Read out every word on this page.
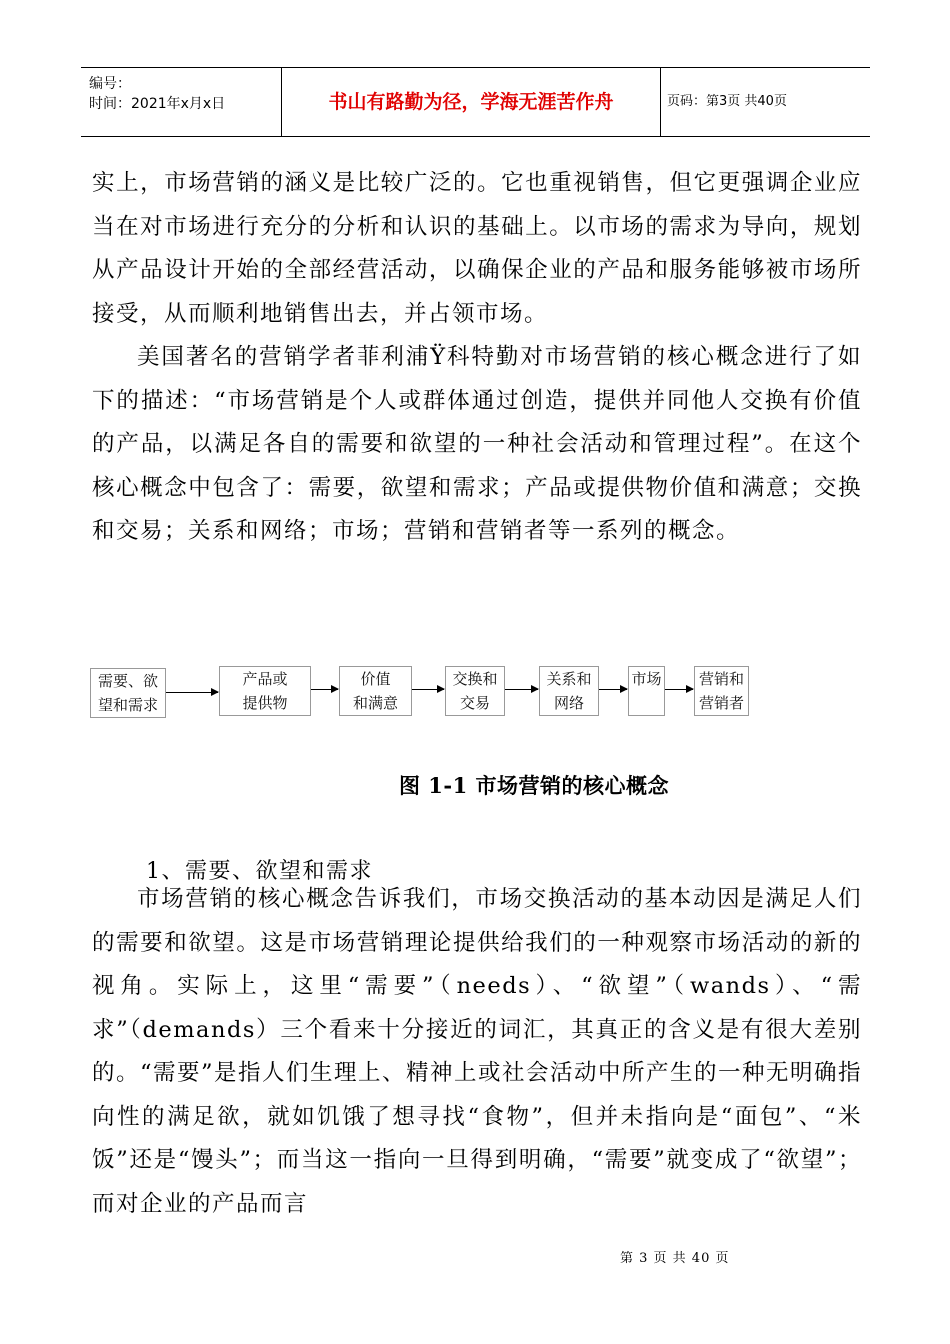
编号：
时间：2021年x月x日	书山有路勤为径，学海无涯苦作舟	页码：第3页 共40页

实上，市场营销的涵义是比较广泛的。它也重视销售，但它更强调企业应当在对市场进行充分的分析和认识的基础上。以市场的需求为导向，规划从产品设计开始的全部经营活动，以确保企业的产品和服务能够被市场所接受，从而顺利地销售出去，并占领市场。

美国著名的营销学者菲利浦Ÿ科特勤对市场营销的核心概念进行了如下的描述：“市场营销是个人或群体通过创造，提供并同他人交换有价值的产品，以满足各自的需要和欲望的一种社会活动和管理过程”。在这个核心概念中包含了：需要，欲望和需求；产品或提供物价值和满意；交换和交易；关系和网络；市场；营销和营销者等一系列的概念。

需要、欲
望和需求
产品或
提供物
价值
和满意
交换和
交易
关系和
网络
市场 营销和
营销者
图 1-1 市场营销的核心概念
1、需要、欲望和需求

市场营销的核心概念告诉我们，市场交换活动的基本动因是满足人们的需要和欲望。这是市场营销理论提供给我们的一种观察市场活动的新的视角。实际上，这里“需要”（needs）、“欲望”（wands）、“需求”（demands）三个看来十分接近的词汇，其真正的含义是有很大差别的。“需要”是指人们生理上、精神上或社会活动中所产生的一种无明确指向性的满足欲，就如饥饿了想寻找“食物”，但并未指向是“面包”、“米饭”还是“馒头”；而当这一指向一旦得到明确，“需要”就变成了“欲望”；而对企业的产品而言

第 3 页 共 40 页
